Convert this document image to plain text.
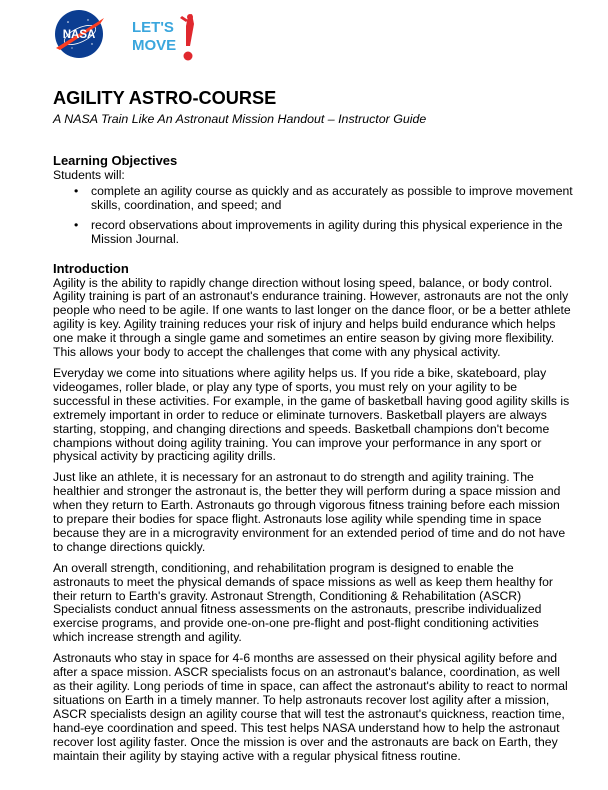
NASA LET'S
MOVE
AGILITY ASTRO-COURSE
A NASA Train Like An Astronaut Mission Handout – Instructor Guide
Learning Objectives
Students will:
• complete an agility course as quickly and as accurately as possible to improve movement skills, coordination, and speed; and
• record observations about improvements in agility during this physical experience in the Mission Journal.
Introduction

Agility is the ability to rapidly change direction without losing speed, balance, or body control. Agility training is part of an astronaut's endurance training. However, astronauts are not the only people who need to be agile. If one wants to last longer on the dance floor, or be a better athlete agility is key. Agility training reduces your risk of injury and helps build endurance which helps one make it through a single game and sometimes an entire season by giving more flexibility. This allows your body to accept the challenges that come with any physical activity.

Everyday we come into situations where agility helps us. If you ride a bike, skateboard, play videogames, roller blade, or play any type of sports, you must rely on your agility to be successful in these activities. For example, in the game of basketball having good agility skills is extremely important in order to reduce or eliminate turnovers. Basketball players are always starting, stopping, and changing directions and speeds. Basketball champions don't become champions without doing agility training. You can improve your performance in any sport or physical activity by practicing agility drills.

Just like an athlete, it is necessary for an astronaut to do strength and agility training. The healthier and stronger the astronaut is, the better they will perform during a space mission and when they return to Earth. Astronauts go through vigorous fitness training before each mission to prepare their bodies for space flight. Astronauts lose agility while spending time in space because they are in a microgravity environment for an extended period of time and do not have to change directions quickly.

An overall strength, conditioning, and rehabilitation program is designed to enable the astronauts to meet the physical demands of space missions as well as keep them healthy for their return to Earth's gravity. Astronaut Strength, Conditioning & Rehabilitation (ASCR) Specialists conduct annual fitness assessments on the astronauts, prescribe individualized exercise programs, and provide one-on-one pre-flight and post-flight conditioning activities which increase strength and agility.

Astronauts who stay in space for 4-6 months are assessed on their physical agility before and after a space mission. ASCR specialists focus on an astronaut's balance, coordination, as well as their agility. Long periods of time in space, can affect the astronaut's ability to react to normal situations on Earth in a timely manner. To help astronauts recover lost agility after a mission, ASCR specialists design an agility course that will test the astronaut's quickness, reaction time, hand-eye coordination and speed. This test helps NASA understand how to help the astronaut recover lost agility faster. Once the mission is over and the astronauts are back on Earth, they maintain their agility by staying active with a regular physical fitness routine.
